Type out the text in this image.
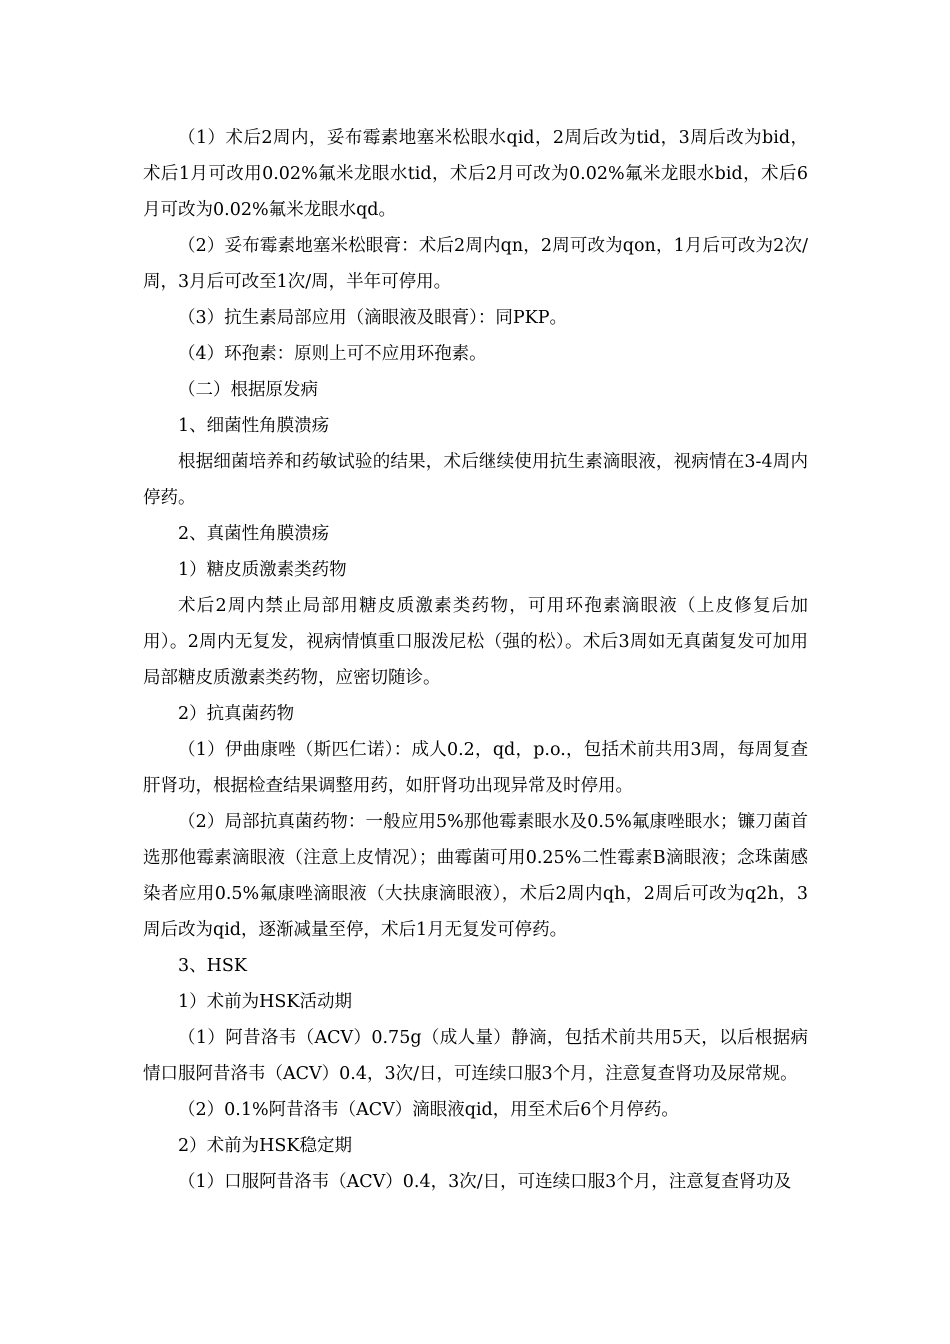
（1）术后2周内，妥布霉素地塞米松眼水qid，2周后改为tid，3周后改为bid，术后1月可改用0.02%氟米龙眼水tid，术后2月可改为0.02%氟米龙眼水bid，术后6月可改为0.02%氟米龙眼水qd。

（2）妥布霉素地塞米松眼膏：术后2周内qn，2周可改为qon，1月后可改为2次/周，3月后可改至1次/周，半年可停用。

（3）抗生素局部应用（滴眼液及眼膏）：同PKP。

（4）环孢素：原则上可不应用环孢素。

（二）根据原发病

1、细菌性角膜溃疡

根据细菌培养和药敏试验的结果，术后继续使用抗生素滴眼液，视病情在3-4周内停药。

2、真菌性角膜溃疡

1）糖皮质激素类药物

术后2周内禁止局部用糖皮质激素类药物，可用环孢素滴眼液（上皮修复后加用）。2周内无复发，视病情慎重口服泼尼松（强的松）。术后3周如无真菌复发可加用局部糖皮质激素类药物，应密切随诊。

2）抗真菌药物

（1）伊曲康唑（斯匹仁诺）：成人0.2，qd，p.o.，包括术前共用3周，每周复查肝肾功，根据检查结果调整用药，如肝肾功出现异常及时停用。

（2）局部抗真菌药物：一般应用5%那他霉素眼水及0.5%氟康唑眼水；镰刀菌首选那他霉素滴眼液（注意上皮情况）；曲霉菌可用0.25%二性霉素B滴眼液；念珠菌感染者应用0.5%氟康唑滴眼液（大扶康滴眼液），术后2周内qh，2周后可改为q2h，3周后改为qid，逐渐减量至停，术后1月无复发可停药。

3、HSK

1）术前为HSK活动期

（1）阿昔洛韦（ACV）0.75g（成人量）静滴，包括术前共用5天，以后根据病情口服阿昔洛韦（ACV）0.4，3次/日，可连续口服3个月，注意复查肾功及尿常规。

（2）0.1%阿昔洛韦（ACV）滴眼液qid，用至术后6个月停药。

2）术前为HSK稳定期

（1）口服阿昔洛韦（ACV）0.4，3次/日，可连续口服3个月，注意复查肾功及
